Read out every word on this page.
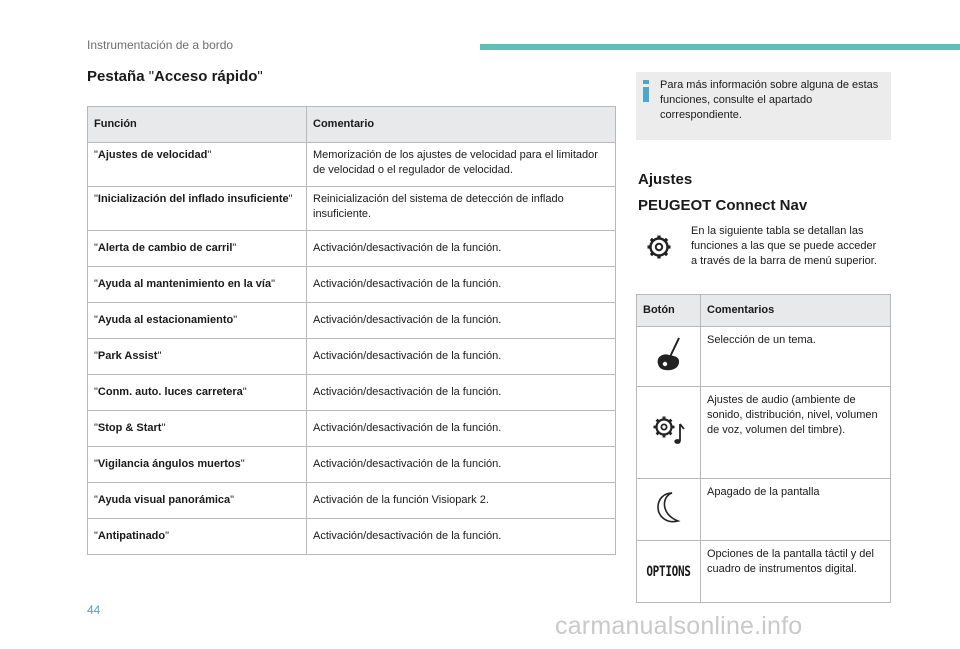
Instrumentación de a bordo
Pestaña "Acceso rápido"
Función	Comentario
"Ajustes de velocidad"	Memorización de los ajustes de velocidad para el limitador de velocidad o el regulador de velocidad.
"Inicialización del inflado insuficiente"	Reinicialización del sistema de detección de inflado insuficiente.
"Alerta de cambio de carril"	Activación/desactivación de la función.
"Ayuda al mantenimiento en la vía"	Activación/desactivación de la función.
"Ayuda al estacionamiento"	Activación/desactivación de la función.
"Park Assist"	Activación/desactivación de la función.
"Conm. auto. luces carretera"	Activación/desactivación de la función.
"Stop & Start"	Activación/desactivación de la función.
"Vigilancia ángulos muertos"	Activación/desactivación de la función.
"Ayuda visual panorámica"	Activación de la función Visiopark 2.
"Antipatinado"	Activación/desactivación de la función.
Para más información sobre alguna de estas funciones, consulte el apartado correspondiente.
Ajustes
PEUGEOT Connect Nav
En la siguiente tabla se detallan las funciones a las que se puede acceder a través de la barra de menú superior.
Botón	Comentarios
	Selección de un tema.
	Ajustes de audio (ambiente de sonido, distribución, nivel, volumen de voz, volumen del timbre).
	Apagado de la pantalla
OPTIONS	Opciones de la pantalla táctil y del cuadro de instrumentos digital.
44
carmanualsonline.info
